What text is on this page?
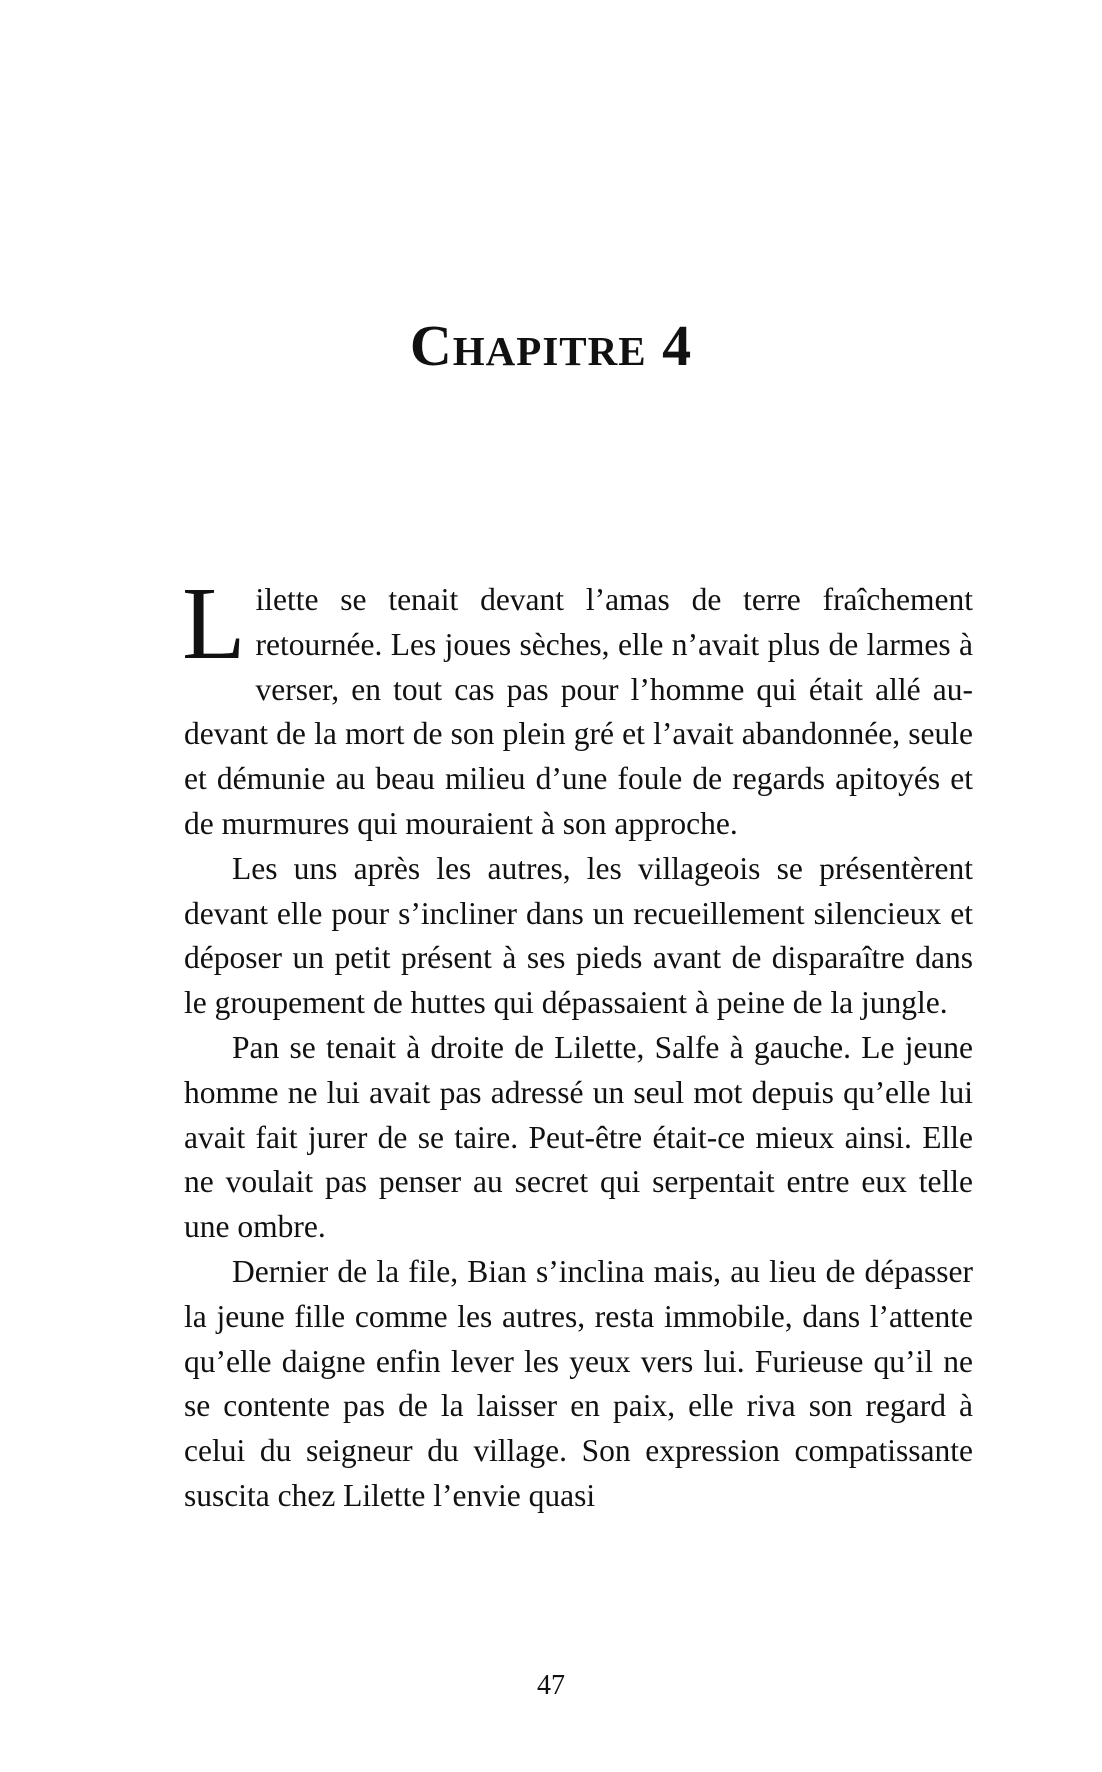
Chapitre 4

Lilette se tenait devant l’amas de terre fraîchement retournée. Les joues sèches, elle n’avait plus de larmes à verser, en tout cas pas pour l’homme qui était allé au-devant de la mort de son plein gré et l’avait abandonnée, seule et démunie au beau milieu d’une foule de regards apitoyés et de murmures qui mouraient à son approche.

Les uns après les autres, les villageois se présentèrent devant elle pour s’incliner dans un recueillement silencieux et déposer un petit présent à ses pieds avant de disparaître dans le groupement de huttes qui dépassaient à peine de la jungle.

Pan se tenait à droite de Lilette, Salfe à gauche. Le jeune homme ne lui avait pas adressé un seul mot depuis qu’elle lui avait fait jurer de se taire. Peut-être était-ce mieux ainsi. Elle ne voulait pas penser au secret qui serpentait entre eux telle une ombre.

Dernier de la file, Bian s’inclina mais, au lieu de dépasser la jeune fille comme les autres, resta immobile, dans l’attente qu’elle daigne enfin lever les yeux vers lui. Furieuse qu’il ne se contente pas de la laisser en paix, elle riva son regard à celui du seigneur du village. Son expression compatissante suscita chez Lilette l’envie quasi

47
